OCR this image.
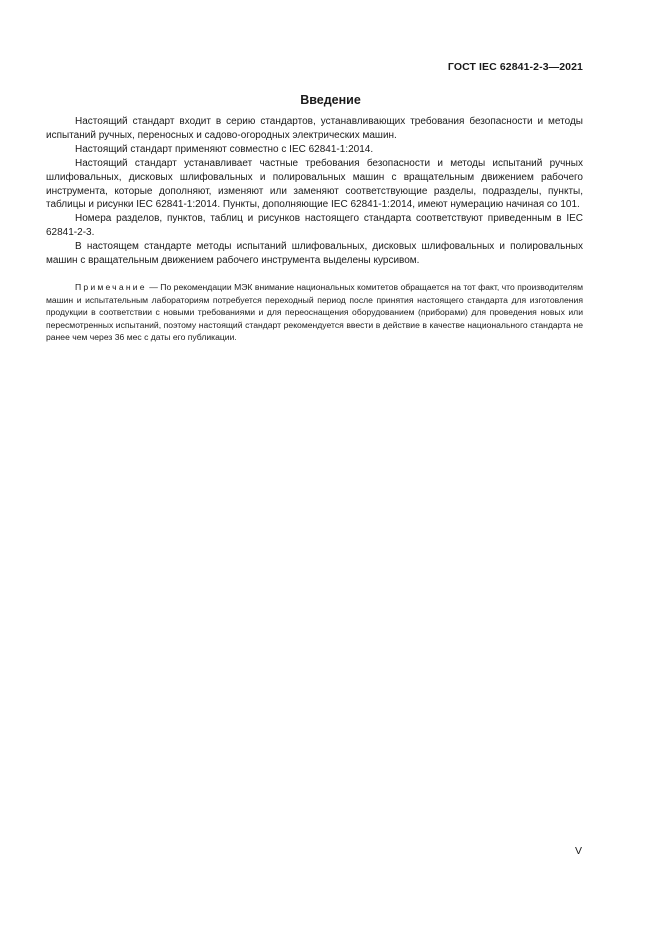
ГОСТ IEC 62841-2-3—2021
Введение

Настоящий стандарт входит в серию стандартов, устанавливающих требования безопасности и методы испытаний ручных, переносных и садово-огородных электрических машин.

Настоящий стандарт применяют совместно с IEC 62841-1:2014.

Настоящий стандарт устанавливает частные требования безопасности и методы испытаний ручных шлифовальных, дисковых шлифовальных и полировальных машин с вращательным движением рабочего инструмента, которые дополняют, изменяют или заменяют соответствующие разделы, подразделы, пункты, таблицы и рисунки IEC 62841-1:2014. Пункты, дополняющие IEC 62841-1:2014, имеют нумерацию начиная со 101.

Номера разделов, пунктов, таблиц и рисунков настоящего стандарта соответствуют приведенным в IEC 62841-2-3.

В настоящем стандарте методы испытаний шлифовальных, дисковых шлифовальных и полировальных машин с вращательным движением рабочего инструмента выделены курсивом.

Примечание — По рекомендации МЭК внимание национальных комитетов обращается на тот факт, что производителям машин и испытательным лабораториям потребуется переходный период после принятия настоящего стандарта для изготовления продукции в соответствии с новыми требованиями и для переоснащения оборудованием (приборами) для проведения новых или пересмотренных испытаний, поэтому настоящий стандарт рекомендуется ввести в действие в качестве национального стандарта не ранее чем через 36 мес с даты его публикации.

V
